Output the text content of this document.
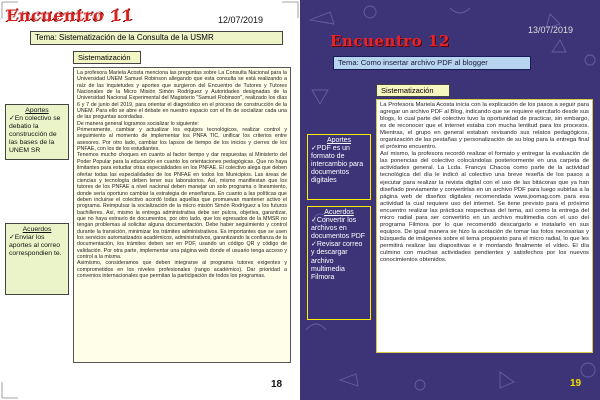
Encuentro 11	12/07/2019
Tema: Sistematización de la Consulta de la USMR
Sistematización
Aportes
✓En colectivo se debatio la construcción de las bases de la UNEM SR
Acuerdos
✓Enviar los aportes al correo correspondien te.

La profesora Mariela Acosta menciona las preguntas sobre La Consulta Nacional para la Universidad UNEM Samuel Robinson allegando que esta consulta se está realizando a raíz de las inquietudes y aportes que surgieron del Encuentro de Tutores y Tutores Nacionales de la Micro Misión Simón Rodríguez y Autoridades designadas de la Universidad Nacional Experimental del Magisterio "Samuel Robinson", realizado los días 6 y 7 de junio del 2019, para orientar el diagnóstico en el proceso de construcción de la UNEM. Para ello se abre el debate en nuestro espacio con el fin de socializar cada una de las preguntas acordadas.

De manera general logramos socializar lo siguiente:

Primeramente, cambiar y actualizar los equipos tecnológicos, realizar control y seguimiento al momento de implementar los PNFA TIC, unificar los criterios entre asesores. Por otro lado, cambiar los lapsos de tiempo de los inicios y cierres de los PNFAE, con los de los estudiantes.

Tenemos mucho choques en cuanto al factor tiempo y dar respuestas al Ministerio del Poder Popular para la educación en cuanto los orientaciones pedagógicas. Que no haya limitantes para estudiar otras especialidades en los PNFAE. El colectivo alega que deben ofertar todas las especialidades de los PNFAE en todos los Municipios. Las áreas de ciencias y tecnología deben tener sus laboratorios. Así, mismo manifiestan que los tutores de los PNFAE a nivel nacional deben manejar un solo programa o lineamiento, donde sería oportuno cambiar la estrategia de enseñanza. En cuanto a las políticas que deben incluirse el colectivo acordó todas aquellas que promuevan mantener activo el programa. Reimpulsar la socialización de la micro misión Simón Rodríguez a los futuros bachilleres. Así, mismo la entrega administrativa debe ser pulcra, objetiva, garantizar, que no haya extravío de documentos, por otro lado, que los egresados de la MMSR no tengan problemas al solicitar alguna documentación. Debe haber seguimiento y control durante la transición, minimizar los trámites administrativos. Es importantes que se usen los servicios automatizados académicos, administrativos, garantizando la confianza de la documentación, los trámites deben ser en PDF, usando un código QR y código de validación. Por otra parte, implementar una página web donde el usuario tenga acceso y control a la misma.

Asimismo, consideramos que deben integrarse al programa tutores exigentes y comprometidos en los niveles profesionales (rango académico). Dar prioridad a convenios internacionales que permitan la participación de todos los programas.

18	19
Encuentro 12
13/07/2019
Tema: Como insertar archivo PDF al blogger
Sistematización
Aportes
✓PDF es un formato de intercambio para documentos digitales
Acuerdos
✓Convertir los archivos en documentos PDF ✓Revisar correo y descargar archivo multimedia Filmora

La Profesora Mariela Acosta inicia con la explicación de los pasos a seguir para agregar un archivo PDF al Blog, indicando que se requiere ejercitarlo desde sus blogs, lo cual parte del colectivo tuvo la oportunidad de practicar, sin embargo, es de reconocer que el internet estaba con mucha lentitud para los procesos. Mientras, el grupo en general estaban revisando sus relatos pedagógicos, organización de las pestañas y personalización de su blog para la entrega final el próximo encuentro.

Así mismo, la profesora recordó realizar el formato y entregar la evaluación de las ponencias del colectivo colocándolas posteriormente en una carpeta de actividades general. La Lcda. Francys Chacoa como parte de la actividad tecnológica del día le indicó al colectivo una breve reseña de los pasos a ejecutar para realizar la revista digital con el uso de las bitácoras que ya han diseñado previamente y convertirlas en un archivo PDF para luego subirlas a la página web de diseños digitales recomendada www.joomag.com para esa actividad la cual requiere uso del internet. Se tiene previsto para el próximo encuentro realizar las prácticas respectivas del tema, así como la entrega del micro radial para ser convertirlo en un archivo multimedia con el uso del programa Filmora por lo que recomendó descargarlo e instalarlo en sus equipos. De igual manera se hizo la acotación de tomar las fotos necesarias y búsqueda de imágenes sobre el tema propuesto para el micro radial, lo que les permitirá realizar las diapositivas e ir montando finalmente el vídeo. El día culmino con muchas actividades pendientes y satisfechos por los nuevos conocimientos obtenidos.
